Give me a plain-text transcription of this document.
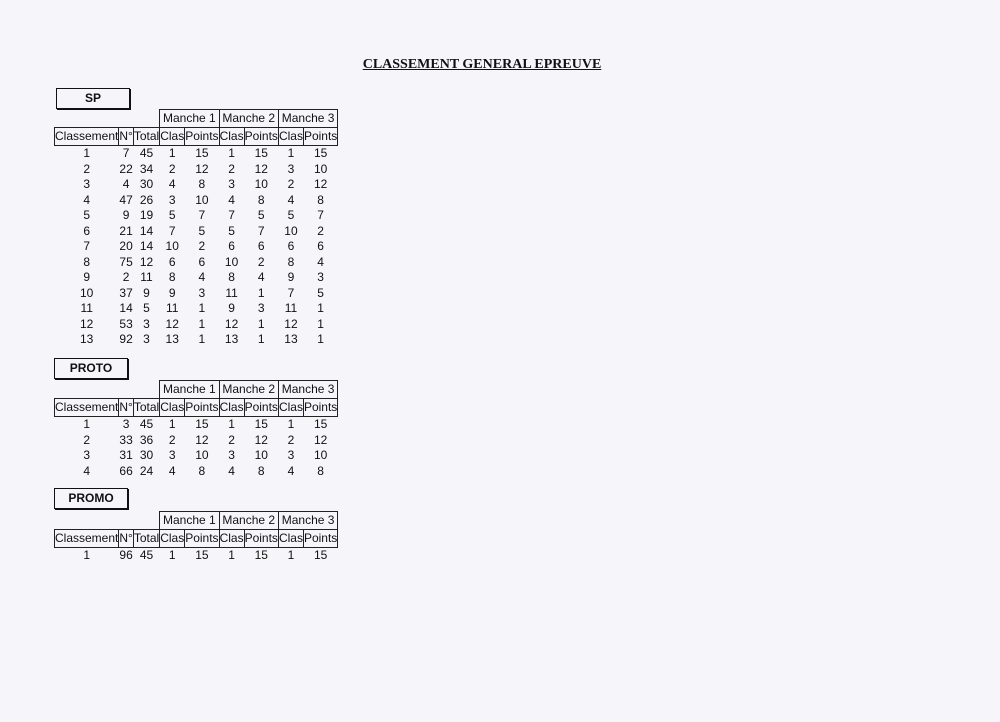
CLASSEMENT GENERAL EPREUVE
SP
			Manche 1		Manche 2		Manche 3	
Classement	N°	Total	Clas	Points	Clas	Points	Clas	Points
1	7	45	1	15	1	15	1	15
2	22	34	2	12	2	12	3	10
3	4	30	4	8	3	10	2	12
4	47	26	3	10	4	8	4	8
5	9	19	5	7	7	5	5	7
6	21	14	7	5	5	7	10	2
7	20	14	10	2	6	6	6	6
8	75	12	6	6	10	2	8	4
9	2	11	8	4	8	4	9	3
10	37	9	9	3	11	1	7	5
11	14	5	11	1	9	3	11	1
12	53	3	12	1	12	1	12	1
13	92	3	13	1	13	1	13	1
PROTO
			Manche 1		Manche 2		Manche 3	
Classement	N°	Total	Clas	Points	Clas	Points	Clas	Points
1	3	45	1	15	1	15	1	15
2	33	36	2	12	2	12	2	12
3	31	30	3	10	3	10	3	10
4	66	24	4	8	4	8	4	8
PROMO
			Manche 1		Manche 2		Manche 3	
Classement	N°	Total	Clas	Points	Clas	Points	Clas	Points
1	96	45	1	15	1	15	1	15
